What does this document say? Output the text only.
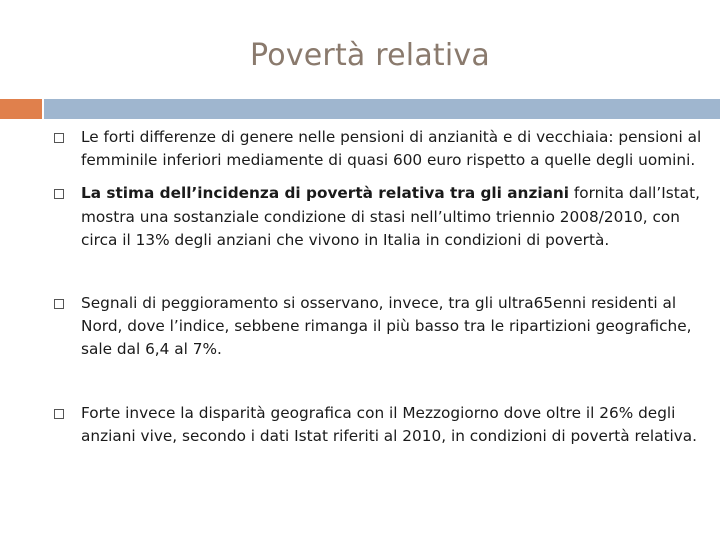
Povertà relativa
Le forti differenze di genere nelle pensioni di anzianità e di vecchiaia: pensioni al femminile inferiori mediamente di quasi 600 euro rispetto a quelle degli uomini.
La stima dell’incidenza di povertà relativa tra gli anziani fornita dall’Istat, mostra una sostanziale condizione di stasi nell’ultimo triennio 2008/2010, con circa il 13% degli anziani che vivono in Italia in condizioni di povertà.
Segnali di peggioramento si osservano, invece, tra gli ultra65enni residenti al Nord, dove l’indice, sebbene rimanga il più basso tra le ripartizioni geografiche, sale dal 6,4 al 7%.
Forte invece la disparità geografica con il Mezzogiorno dove oltre il 26% degli anziani vive, secondo i dati Istat riferiti al 2010, in condizioni di povertà relativa.
